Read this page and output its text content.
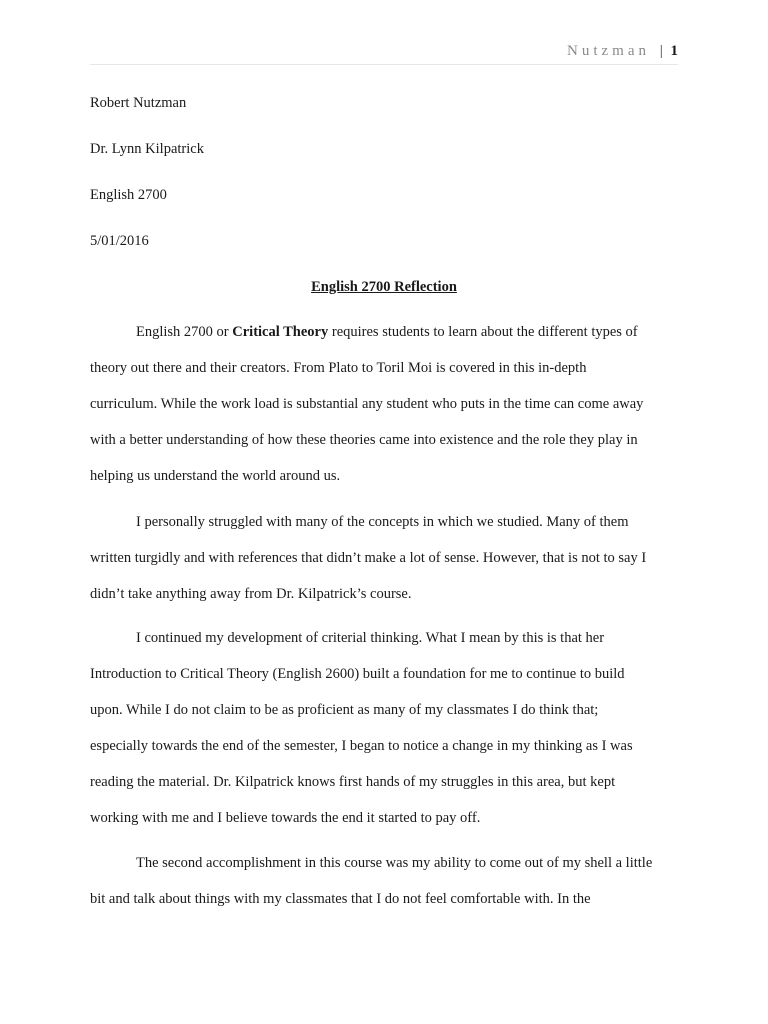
Nutzman | 1
Robert Nutzman
Dr. Lynn Kilpatrick
English 2700
5/01/2016
English 2700 Reflection
English 2700 or Critical Theory requires students to learn about the different types of
theory out there and their creators. From Plato to Toril Moi is covered in this in-depth
curriculum. While the work load is substantial any student who puts in the time can come away
with a better understanding of how these theories came into existence and the role they play in
helping us understand the world around us.
I personally struggled with many of the concepts in which we studied. Many of them
written turgidly and with references that didn’t make a lot of sense. However, that is not to say I
didn’t take anything away from Dr. Kilpatrick’s course.
I continued my development of criterial thinking. What I mean by this is that her
Introduction to Critical Theory (English 2600) built a foundation for me to continue to build
upon. While I do not claim to be as proficient as many of my classmates I do think that;
especially towards the end of the semester, I began to notice a change in my thinking as I was
reading the material. Dr. Kilpatrick knows first hands of my struggles in this area, but kept
working with me and I believe towards the end it started to pay off.
The second accomplishment in this course was my ability to come out of my shell a little
bit and talk about things with my classmates that I do not feel comfortable with. In the
